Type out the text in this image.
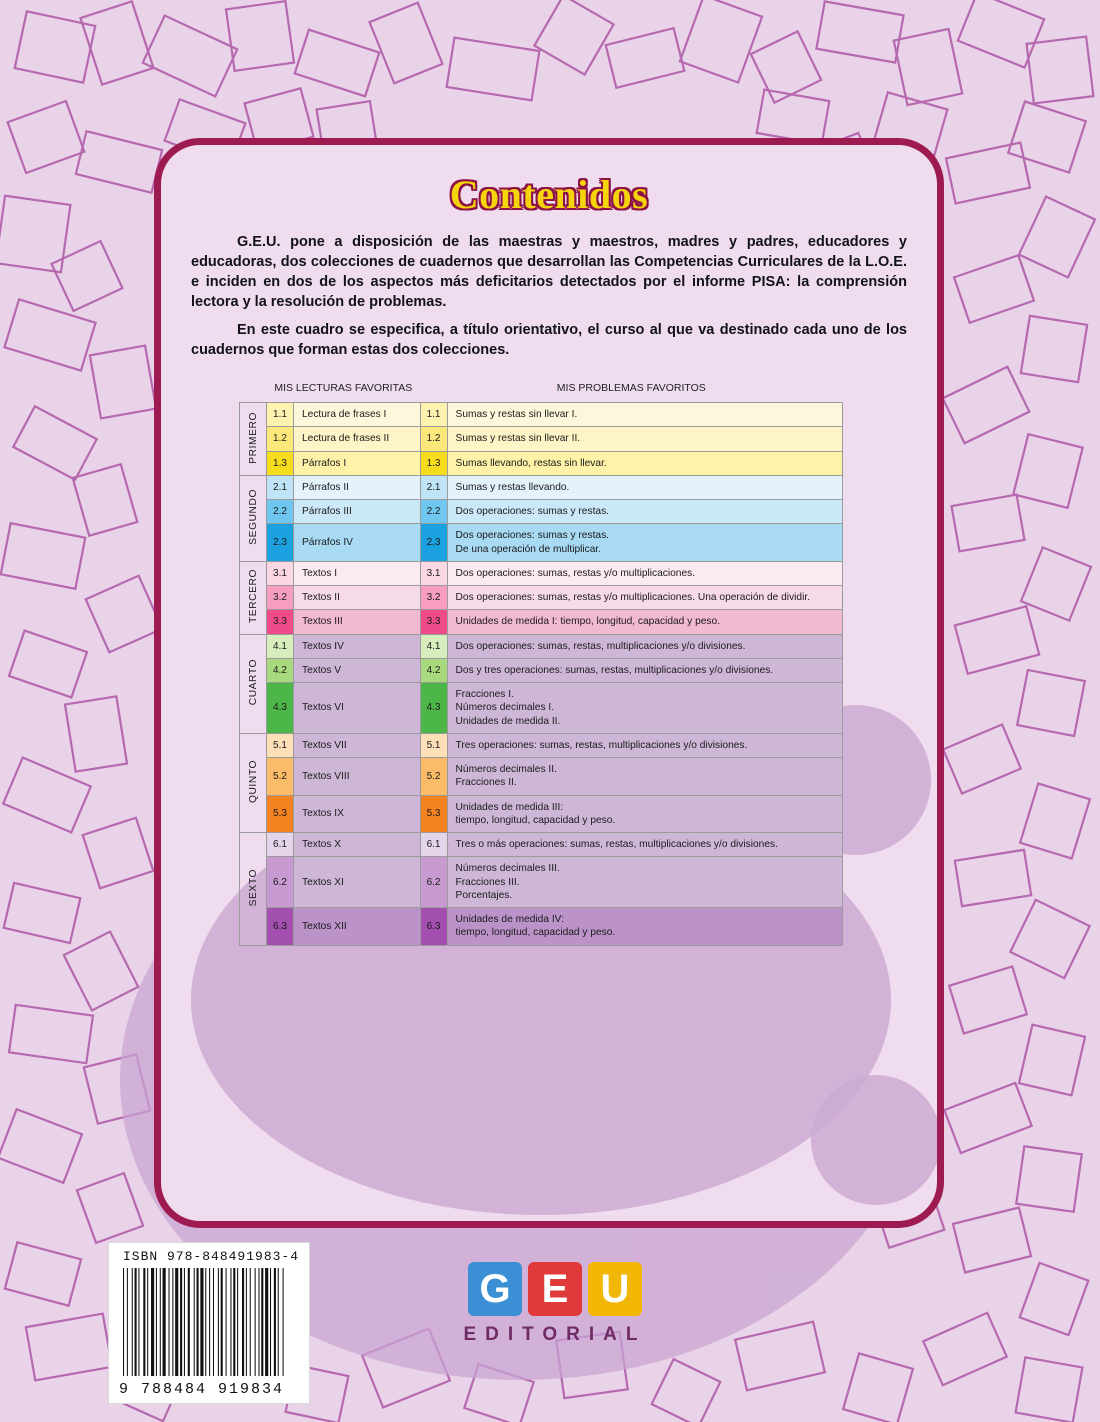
Contenidos

G.E.U. pone a disposición de las maestras y maestros, madres y padres, educadores y educadoras, dos colecciones de cuadernos que desarrollan las Competencias Curriculares de la L.O.E. e inciden en dos de los aspectos más deficitarios detectados por el informe PISA: la comprensión lectora y la resolución de problemas.

En este cuadro se especifica, a título orientativo, el curso al que va destinado cada uno de los cuadernos que forman estas dos colecciones.

	MIS LECTURAS FAVORITAS		MIS PROBLEMAS FAVORITOS	
PRIMERO	1.1	Lectura de frases I	1.1	Sumas y restas sin llevar I.
	1.2	Lectura de frases II	1.2	Sumas y restas sin llevar II.
	1.3	Párrafos I	1.3	Sumas llevando, restas sin llevar.
SEGUNDO	2.1	Párrafos II	2.1	Sumas y restas llevando.
	2.2	Párrafos III	2.2	Dos operaciones: sumas y restas.
	2.3	Párrafos IV	2.3	Dos operaciones: sumas y restas.
De una operación de multiplicar.
TERCERO	3.1	Textos I	3.1	Dos operaciones: sumas, restas y/o multiplicaciones.
	3.2	Textos II	3.2	Dos operaciones: sumas, restas y/o multiplicaciones. Una operación de dividir.
	3.3	Textos III	3.3	Unidades de medida I: tiempo, longitud, capacidad y peso.
CUARTO	4.1	Textos IV	4.1	Dos operaciones: sumas, restas, multiplicaciones y/o divisiones.
	4.2	Textos V	4.2	Dos y tres operaciones: sumas, restas, multiplicaciones y/o divisiones.
	4.3	Textos VI	4.3	Fracciones I.
Números decimales I.
Unidades de medida II.
QUINTO	5.1	Textos VII	5.1	Tres operaciones: sumas, restas, multiplicaciones y/o divisiones.
	5.2	Textos VIII	5.2	Números decimales II.
Fracciones II.
	5.3	Textos IX	5.3	Unidades de medida III:
tiempo, longitud, capacidad y peso.
SEXTO	6.1	Textos X	6.1	Tres o más operaciones: sumas, restas, multiplicaciones y/o divisiones.
	6.2	Textos XI	6.2	Números decimales III.
Fracciones III.
Porcentajes.
	6.3	Textos XII	6.3	Unidades de medida IV:
tiempo, longitud, capacidad y peso.
ISBN 978-848491983-4
9 788484 919834
G E U
EDITORIAL
